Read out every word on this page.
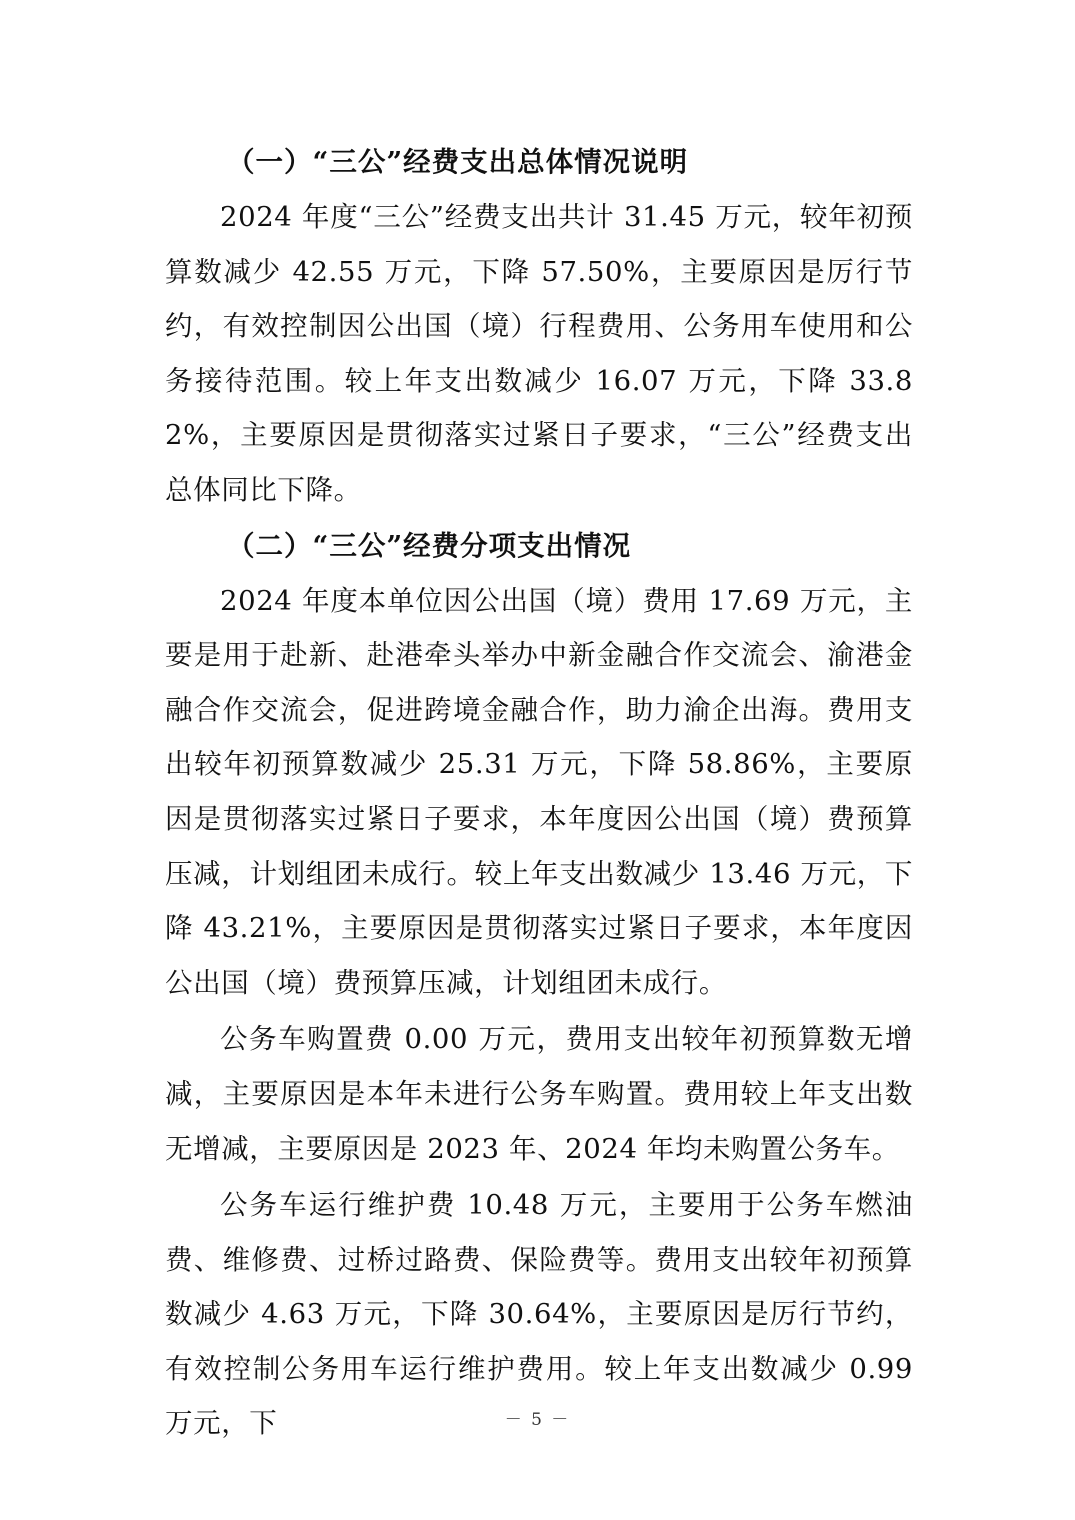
（一）“三公”经费支出总体情况说明

2024 年度“三公”经费支出共计 31.45 万元，较年初预算数减少 42.55 万元，下降 57.50%，主要原因是厉行节约，有效控制因公出国（境）行程费用、公务用车使用和公务接待范围。较上年支出数减少 16.07 万元，下降 33.82%，主要原因是贯彻落实过紧日子要求，“三公”经费支出总体同比下降。

（二）“三公”经费分项支出情况

2024 年度本单位因公出国（境）费用 17.69 万元，主要是用于赴新、赴港牵头举办中新金融合作交流会、渝港金融合作交流会，促进跨境金融合作，助力渝企出海。费用支出较年初预算数减少 25.31 万元，下降 58.86%，主要原因是贯彻落实过紧日子要求，本年度因公出国（境）费预算压减，计划组团未成行。较上年支出数减少 13.46 万元，下降 43.21%，主要原因是贯彻落实过紧日子要求，本年度因公出国（境）费预算压减，计划组团未成行。

公务车购置费 0.00 万元，费用支出较年初预算数无增减，主要原因是本年未进行公务车购置。费用较上年支出数无增减，主要原因是 2023 年、2024 年均未购置公务车。

公务车运行维护费 10.48 万元，主要用于公务车燃油费、维修费、过桥过路费、保险费等。费用支出较年初预算数减少 4.63 万元，下降 30.64%，主要原因是厉行节约，有效控制公务用车运行维护费用。较上年支出数减少 0.99 万元，下	－ 5 －
